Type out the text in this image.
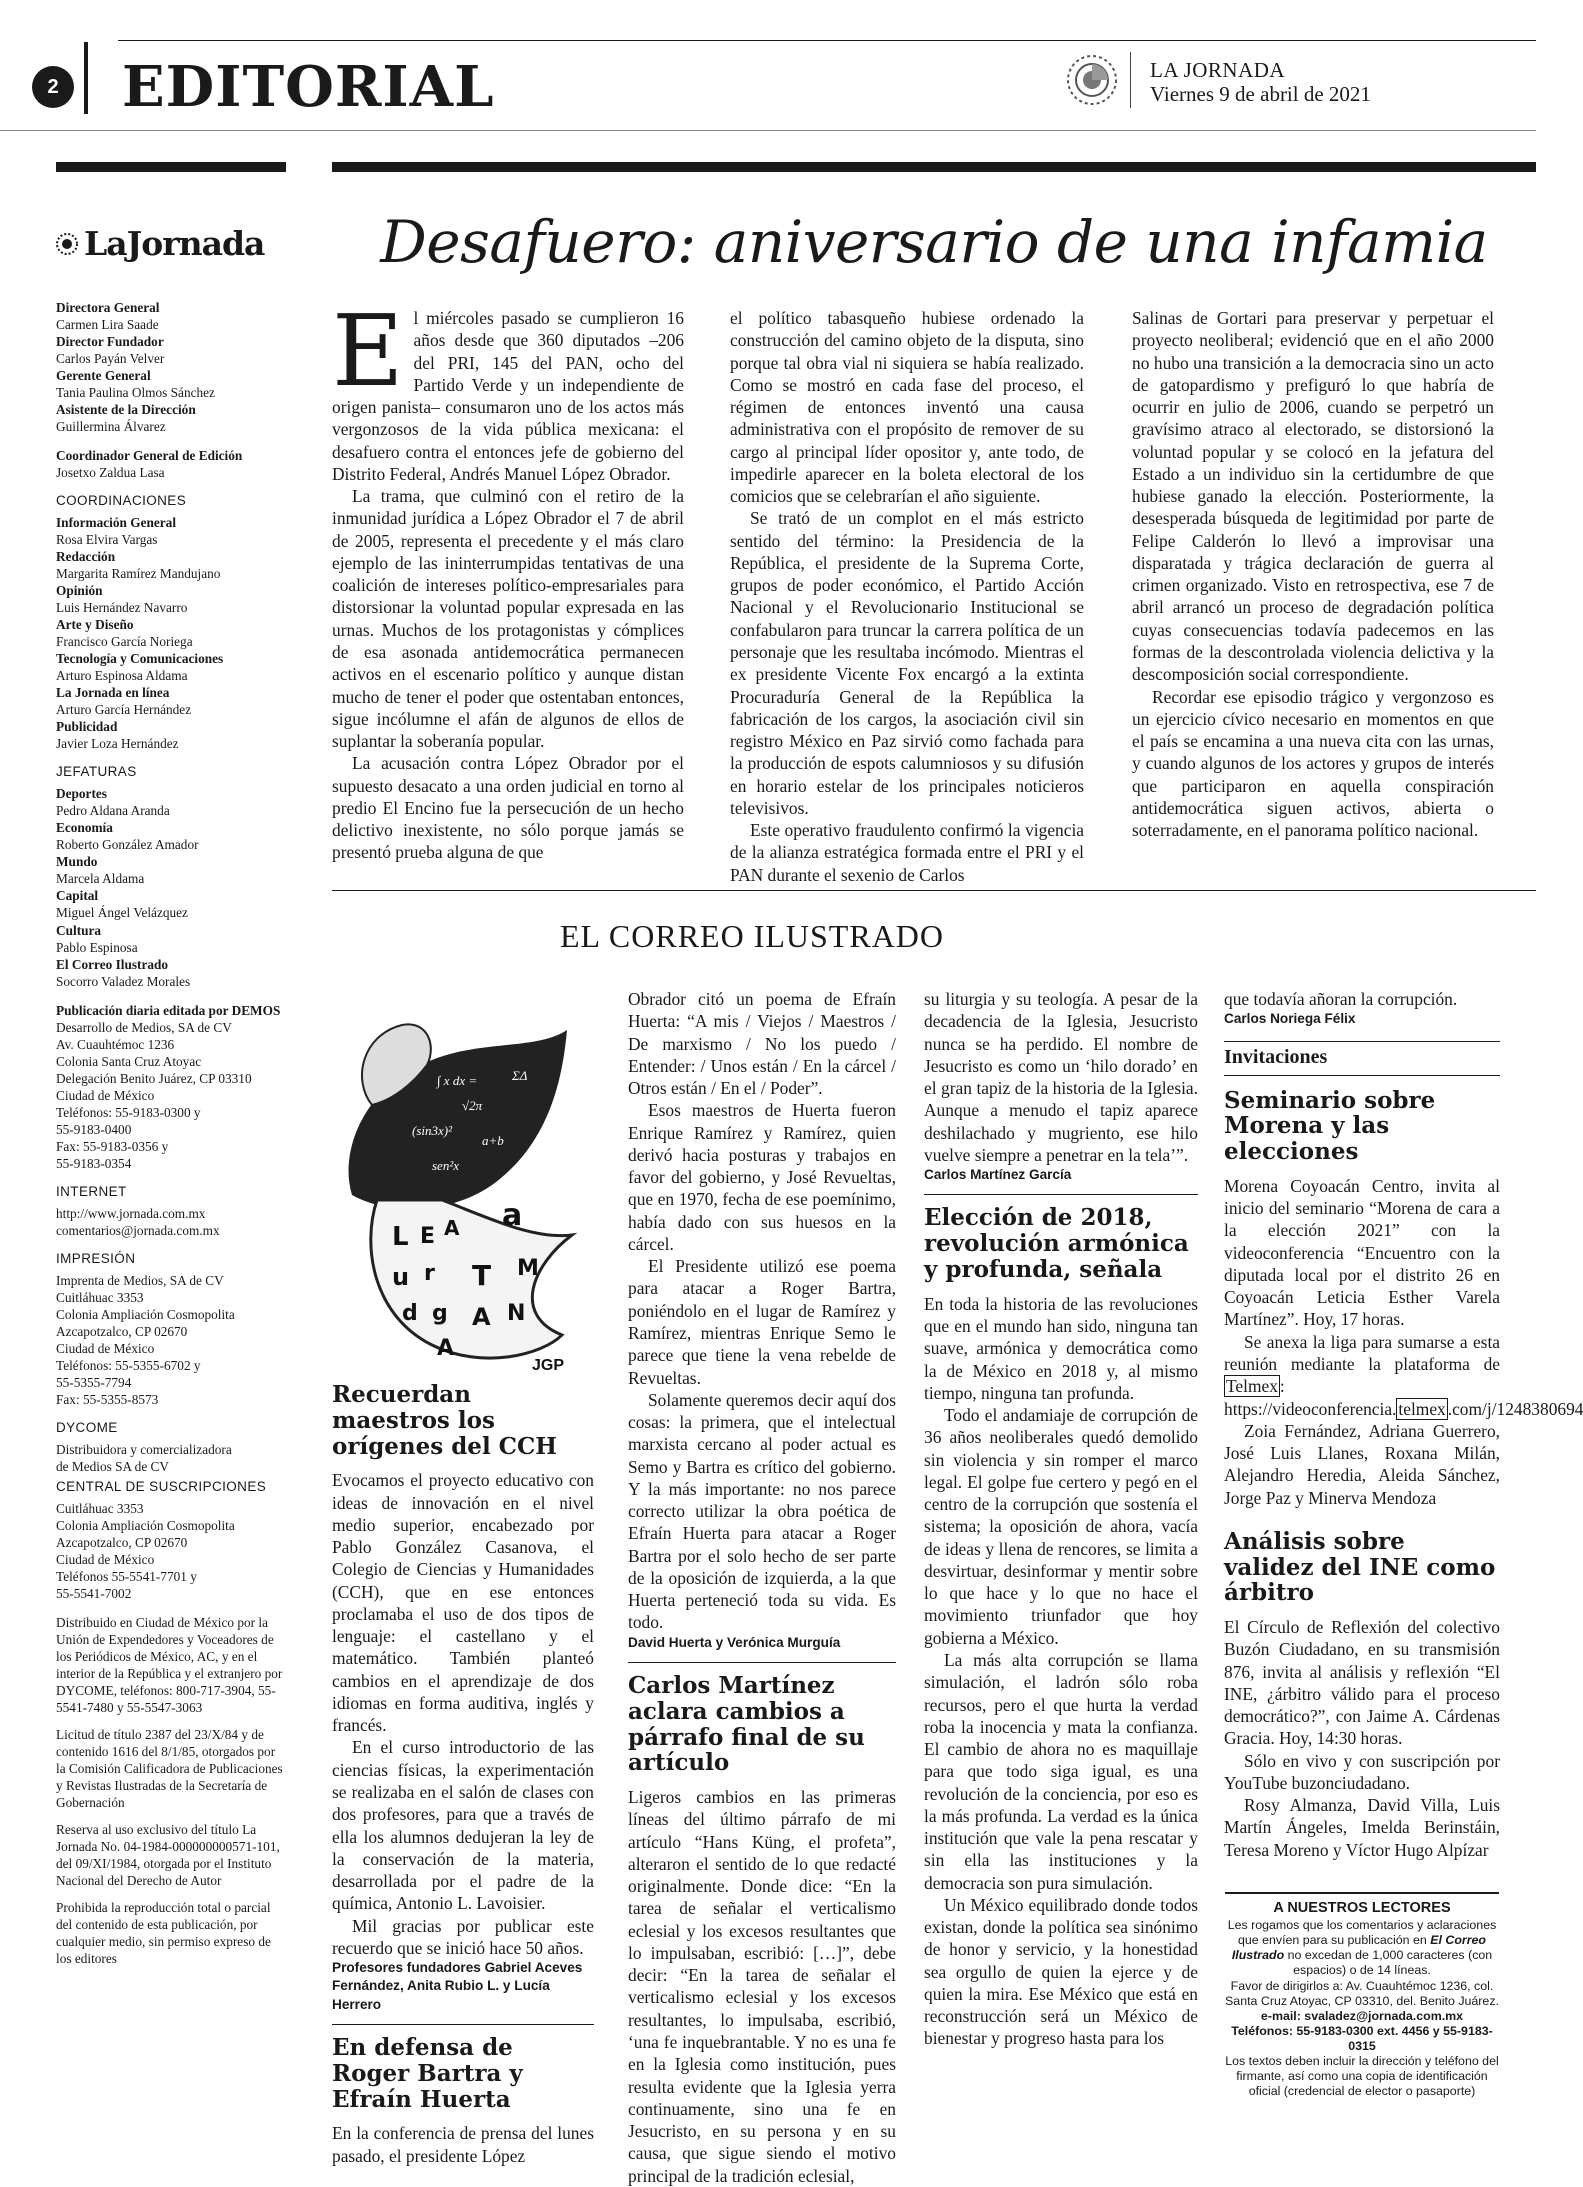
2 EDITORIAL	LA JORNADA
Viernes 9 de abril de 2021
LaJornada
Directora General
Carmen Lira Saade
Director Fundador
Carlos Payán Velver
Gerente General
Tania Paulina Olmos Sánchez
Asistente de la Dirección
Guillermina Álvarez
Coordinador General de Edición
Josetxo Zaldua Lasa
COORDINACIONES
Información General
Rosa Elvira Vargas
Redacción
Margarita Ramírez Mandujano
Opinión
Luis Hernández Navarro
Arte y Diseño
Francisco García Noriega
Tecnología y Comunicaciones
Arturo Espinosa Aldama
La Jornada en línea
Arturo García Hernández
Publicidad
Javier Loza Hernández
JEFATURAS
Deportes
Pedro Aldana Aranda
Economía
Roberto González Amador
Mundo
Marcela Aldama
Capital
Miguel Ángel Velázquez
Cultura
Pablo Espinosa
El Correo Ilustrado
Socorro Valadez Morales
Publicación diaria editada por DEMOS
Desarrollo de Medios, SA de CV
Av. Cuauhtémoc 1236
Colonia Santa Cruz Atoyac
Delegación Benito Juárez, CP 03310
Ciudad de México
Teléfonos: 55-9183-0300 y
55-9183-0400
Fax: 55-9183-0356 y
55-9183-0354
INTERNET
http://www.jornada.com.mx
comentarios@jornada.com.mx
IMPRESIÓN
Imprenta de Medios, SA de CV
Cuitláhuac 3353
Colonia Ampliación Cosmopolita
Azcapotzalco, CP 02670
Ciudad de México
Teléfonos: 55-5355-6702 y
55-5355-7794
Fax: 55-5355-8573
DYCOME
Distribuidora y comercializadora
de Medios SA de CV
CENTRAL DE SUSCRIPCIONES
Cuitláhuac 3353
Colonia Ampliación Cosmopolita
Azcapotzalco, CP 02670
Ciudad de México
Teléfonos 55-5541-7701 y
55-5541-7002
Distribuido en Ciudad de México por la Unión de Expendedores y Voceadores de los Periódicos de México, AC, y en el interior de la República y el extranjero por DYCOME, teléfonos: 800-717-3904, 55-5541-7480 y 55-5547-3063
Licitud de título 2387 del 23/X/84 y de contenido 1616 del 8/1/85, otorgados por la Comisión Calificadora de Publicaciones y Revistas Ilustradas de la Secretaría de Gobernación
Reserva al uso exclusivo del título La Jornada No. 04-1984-000000000571-101, del 09/XI/1984, otorgada por el Instituto Nacional del Derecho de Autor
Prohibida la reproducción total o parcial del contenido de esta publicación, por cualquier medio, sin permiso expreso de los editores
Desafuero: aniversario de una infamia

El miércoles pasado se cumplieron 16 años desde que 360 diputados –206 del PRI, 145 del PAN, ocho del Partido Verde y un independiente de origen panista– consumaron uno de los actos más vergonzosos de la vida pública mexicana: el desafuero contra el entonces jefe de gobierno del Distrito Federal, Andrés Manuel López Obrador.

La trama, que culminó con el retiro de la inmunidad jurídica a López Obrador el 7 de abril de 2005, representa el precedente y el más claro ejemplo de las ininterrumpidas tentativas de una coalición de intereses político-empresariales para distorsionar la voluntad popular expresada en las urnas. Muchos de los protagonistas y cómplices de esa asonada antidemocrática permanecen activos en el escenario político y aunque distan mucho de tener el poder que ostentaban entonces, sigue incólumne el afán de algunos de ellos de suplantar la soberanía popular.

La acusación contra López Obrador por el supuesto desacato a una orden judicial en torno al predio El Encino fue la persecución de un hecho delictivo inexistente, no sólo porque jamás se presentó prueba alguna de que

el político tabasqueño hubiese ordenado la construcción del camino objeto de la disputa, sino porque tal obra vial ni siquiera se había realizado. Como se mostró en cada fase del proceso, el régimen de entonces inventó una causa administrativa con el propósito de remover de su cargo al principal líder opositor y, ante todo, de impedirle aparecer en la boleta electoral de los comicios que se celebrarían el año siguiente.

Se trató de un complot en el más estricto sentido del término: la Presidencia de la República, el presidente de la Suprema Corte, grupos de poder económico, el Partido Acción Nacional y el Revolucionario Institucional se confabularon para truncar la carrera política de un personaje que les resultaba incómodo. Mientras el ex presidente Vicente Fox encargó a la extinta Procuraduría General de la República la fabricación de los cargos, la asociación civil sin registro México en Paz sirvió como fachada para la producción de espots calumniosos y su difusión en horario estelar de los principales noticieros televisivos.

Este operativo fraudulento confirmó la vigencia de la alianza estratégica formada entre el PRI y el PAN durante el sexenio de Carlos

Salinas de Gortari para preservar y perpetuar el proyecto neoliberal; evidenció que en el año 2000 no hubo una transición a la democracia sino un acto de gatopardismo y prefiguró lo que habría de ocurrir en julio de 2006, cuando se perpetró un gravísimo atraco al electorado, se distorsionó la voluntad popular y se colocó en la jefatura del Estado a un individuo sin la certidumbre de que hubiese ganado la elección. Posteriormente, la desesperada búsqueda de legitimidad por parte de Felipe Calderón lo llevó a improvisar una disparatada y trágica declaración de guerra al crimen organizado. Visto en retrospectiva, ese 7 de abril arrancó un proceso de degradación política cuyas consecuencias todavía padecemos en las formas de la descontrolada violencia delictiva y la descomposición social correspondiente.

Recordar ese episodio trágico y vergonzoso es un ejercicio cívico necesario en momentos en que el país se encamina a una nueva cita con las urnas, y cuando algunos de los actores y grupos de interés que participaron en aquella conspiración antidemocrática siguen activos, abierta o soterradamente, en el panorama político nacional.

EL CORREO ILUSTRADO
∫ x dx =
√2π
(sin3x)²
a+b
sen²x
ΣΔ
L E A a
u r T M
d g A N
A
JGP
Recuerdan maestros los orígenes del CCH

Evocamos el proyecto educativo con ideas de innovación en el nivel medio superior, encabezado por Pablo González Casanova, el Colegio de Ciencias y Humanidades (CCH), que en ese entonces proclamaba el uso de dos tipos de lenguaje: el castellano y el matemático. También planteó cambios en el aprendizaje de dos idiomas en forma auditiva, inglés y francés.

En el curso introductorio de las ciencias físicas, la experimentación se realizaba en el salón de clases con dos profesores, para que a través de ella los alumnos dedujeran la ley de la conservación de la materia, desarrollada por el padre de la química, Antonio L. Lavoisier.

Mil gracias por publicar este recuerdo que se inició hace 50 años.

Profesores fundadores Gabriel Aceves Fernández, Anita Rubio L. y Lucía Herrero
En defensa de Roger Bartra y Efraín Huerta

En la conferencia de prensa del lunes pasado, el presidente López

Obrador citó un poema de Efraín Huerta: “A mis / Viejos / Maestros / De marxismo / No los puedo / Entender: / Unos están / En la cárcel / Otros están / En el / Poder”.

Esos maestros de Huerta fueron Enrique Ramírez y Ramírez, quien derivó hacia posturas y trabajos en favor del gobierno, y José Revueltas, que en 1970, fecha de ese poemínimo, había dado con sus huesos en la cárcel.

El Presidente utilizó ese poema para atacar a Roger Bartra, poniéndolo en el lugar de Ramírez y Ramírez, mientras Enrique Semo le parece que tiene la vena rebelde de Revueltas.

Solamente queremos decir aquí dos cosas: la primera, que el intelectual marxista cercano al poder actual es Semo y Bartra es crítico del gobierno. Y la más importante: no nos parece correcto utilizar la obra poética de Efraín Huerta para atacar a Roger Bartra por el solo hecho de ser parte de la oposición de izquierda, a la que Huerta perteneció toda su vida. Es todo.

David Huerta y Verónica Murguía
Carlos Martínez aclara cambios a párrafo final de su artículo

Ligeros cambios en las primeras líneas del último párrafo de mi artículo “Hans Küng, el profeta”, alteraron el sentido de lo que redacté originalmente. Donde dice: “En la tarea de señalar el verticalismo eclesial y los excesos resultantes que lo impulsaban, escribió: […]”, debe decir: “En la tarea de señalar el verticalismo eclesial y los excesos resultantes, lo impulsaba, escribió, ‘una fe inquebrantable. Y no es una fe en la Iglesia como institución, pues resulta evidente que la Iglesia yerra continuamente, sino una fe en Jesucristo, en su persona y en su causa, que sigue siendo el motivo principal de la tradición eclesial,

su liturgia y su teología. A pesar de la decadencia de la Iglesia, Jesucristo nunca se ha perdido. El nombre de Jesucristo es como un ‘hilo dorado’ en el gran tapiz de la historia de la Iglesia. Aunque a menudo el tapiz aparece deshilachado y mugriento, ese hilo vuelve siempre a penetrar en la tela’”.

Carlos Martínez García
Elección de 2018, revolución armónica y profunda, señala

En toda la historia de las revoluciones que en el mundo han sido, ninguna tan suave, armónica y democrática como la de México en 2018 y, al mismo tiempo, ninguna tan profunda.

Todo el andamiaje de corrupción de 36 años neoliberales quedó demolido sin violencia y sin romper el marco legal. El golpe fue certero y pegó en el centro de la corrupción que sostenía el sistema; la oposición de ahora, vacía de ideas y llena de rencores, se limita a desvirtuar, desinformar y mentir sobre lo que hace y lo que no hace el movimiento triunfador que hoy gobierna a México.

La más alta corrupción se llama simulación, el ladrón sólo roba recursos, pero el que hurta la verdad roba la inocencia y mata la confianza. El cambio de ahora no es maquillaje para que todo siga igual, es una revolución de la conciencia, por eso es la más profunda. La verdad es la única institución que vale la pena rescatar y sin ella las instituciones y la democracia son pura simulación.

Un México equilibrado donde todos existan, donde la política sea sinónimo de honor y servicio, y la honestidad sea orgullo de quien la ejerce y de quien la mira. Ese México que está en reconstrucción será un México de bienestar y progreso hasta para los

que todavía añoran la corrupción.

Carlos Noriega Félix
Invitaciones
Seminario sobre Morena y las elecciones

Morena Coyoacán Centro, invita al inicio del seminario “Morena de cara a la elección 2021” con la videoconferencia “Encuentro con la diputada local por el distrito 26 en Coyoacán Leticia Esther Varela Martínez”. Hoy, 17 horas.

Se anexa la liga para sumarse a esta reunión mediante la plataforma de Telmex : https://videoconferencia. telmex .com/j/1248380694

Zoia Fernández, Adriana Guerrero, José Luis Llanes, Roxana Milán, Alejandro Heredia, Aleida Sánchez, Jorge Paz y Minerva Mendoza

Análisis sobre validez del INE como árbitro

El Círculo de Reflexión del colectivo Buzón Ciudadano, en su transmisión 876, invita al análisis y reflexión “El INE, ¿árbitro válido para el proceso democrático?”, con Jaime A. Cárdenas Gracia. Hoy, 14:30 horas.

Sólo en vivo y con suscripción por YouTube buzonciudadano.

Rosy Almanza, David Villa, Luis Martín Ángeles, Imelda Berinstáin, Teresa Moreno y Víctor Hugo Alpízar

A NUESTROS LECTORES
Les rogamos que los comentarios y aclaraciones que envíen para su publicación en El Correo Ilustrado no excedan de 1,000 caracteres (con espacios) o de 14 líneas.
Favor de dirigirlos a: Av. Cuauhtémoc 1236, col. Santa Cruz Atoyac, CP 03310, del. Benito Juárez.
e-mail: svaladez@jornada.com.mx
Teléfonos: 55-9183-0300 ext. 4456 y 55-9183-0315
Los textos deben incluir la dirección y teléfono del firmante, así como una copia de identificación oficial (credencial de elector o pasaporte)
